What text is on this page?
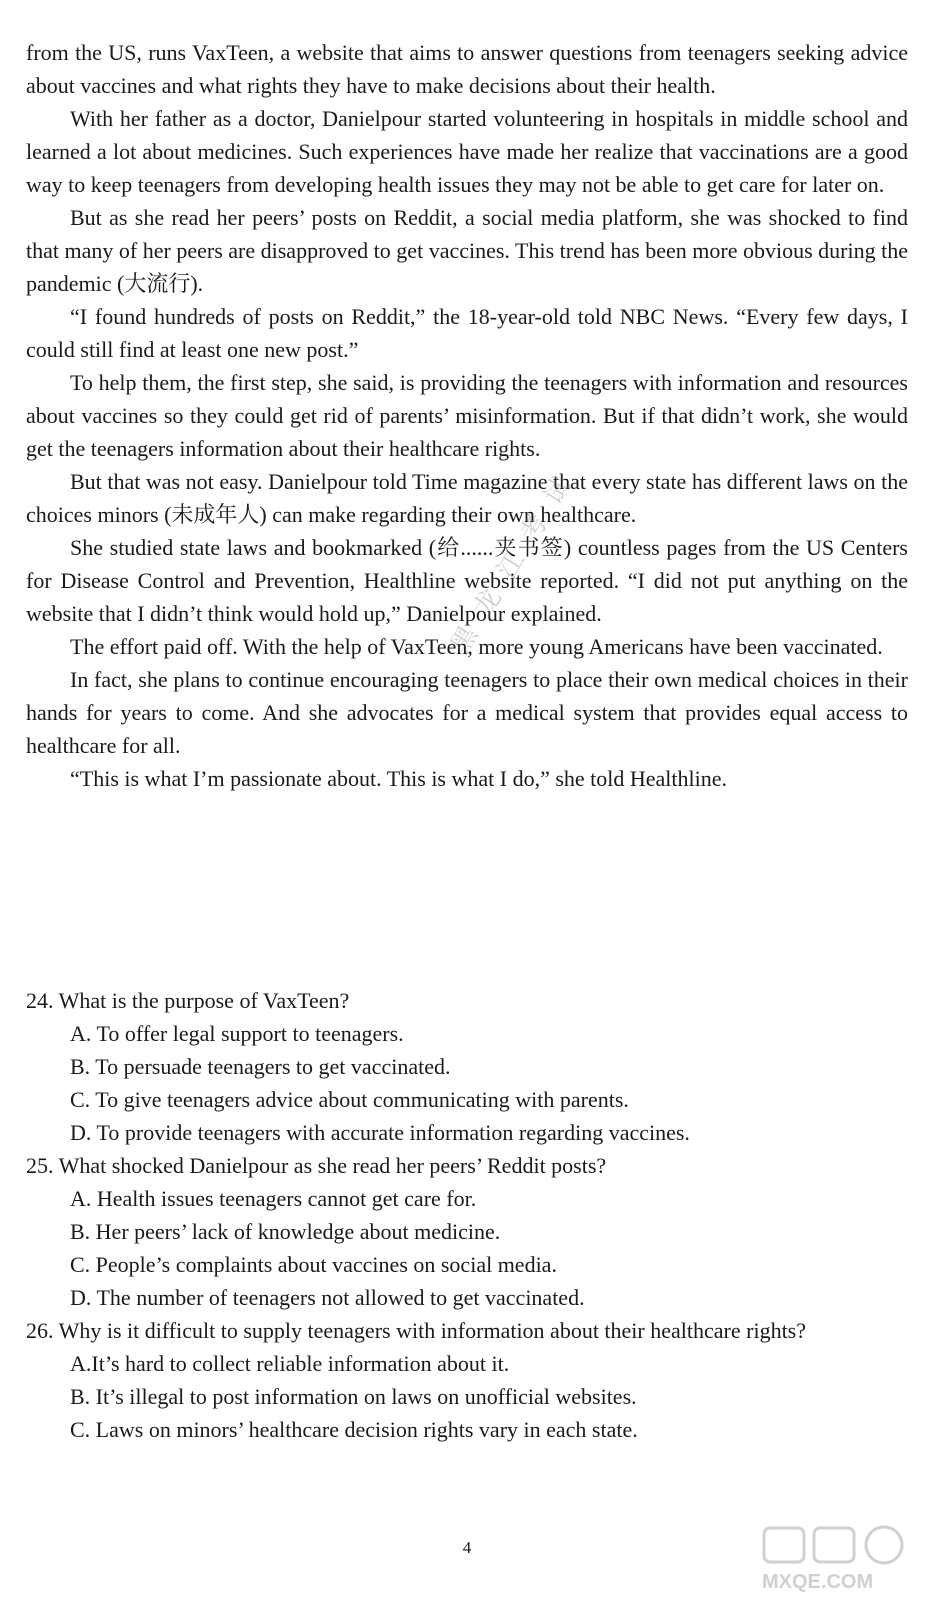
from the US, runs VaxTeen, a website that aims to answer questions from teenagers seeking advice about vaccines and what rights they have to make decisions about their health.

With her father as a doctor, Danielpour started volunteering in hospitals in middle school and learned a lot about medicines. Such experiences have made her realize that vaccinations are a good way to keep teenagers from developing health issues they may not be able to get care for later on.

But as she read her peers’ posts on Reddit, a social media platform, she was shocked to find that many of her peers are disapproved to get vaccines. This trend has been more obvious during the pandemic (大流行).

“I found hundreds of posts on Reddit,” the 18-year-old told NBC News. “Every few days, I could still find at least one new post.”

To help them, the first step, she said, is providing the teenagers with information and resources about vaccines so they could get rid of parents’ misinformation. But if that didn’t work, she would get the teenagers information about their healthcare rights.

But that was not easy. Danielpour told Time magazine that every state has different laws on the choices minors (未成年人) can make regarding their own healthcare.

She studied state laws and bookmarked (给......夹书签) countless pages from the US Centers for Disease Control and Prevention, Healthline website reported. “I did not put anything on the website that I didn’t think would hold up,” Danielpour explained.

The effort paid off. With the help of VaxTeen, more young Americans have been vaccinated.

In fact, she plans to continue encouraging teenagers to place their own medical choices in their hands for years to come. And she advocates for a medical system that provides equal access to healthcare for all.

“This is what I’m passionate about. This is what I do,” she told Healthline.

24. What is the purpose of VaxTeen?
A. To offer legal support to teenagers.
B. To persuade teenagers to get vaccinated.
C. To give teenagers advice about communicating with parents.
D. To provide teenagers with accurate information regarding vaccines.
25. What shocked Danielpour as she read her peers’ Reddit posts?
A. Health issues teenagers cannot get care for.
B. Her peers’ lack of knowledge about medicine.
C. People’s complaints about vaccines on social media.
D. The number of teenagers not allowed to get vaccinated.
26. Why is it difficult to supply teenagers with information about their healthcare rights?
A.It’s hard to collect reliable information about it.
B. It’s illegal to post information on laws on unofficial websites.
C. Laws on minors’ healthcare decision rights vary in each state.
黑龙江考试
4
MXQE.COM
